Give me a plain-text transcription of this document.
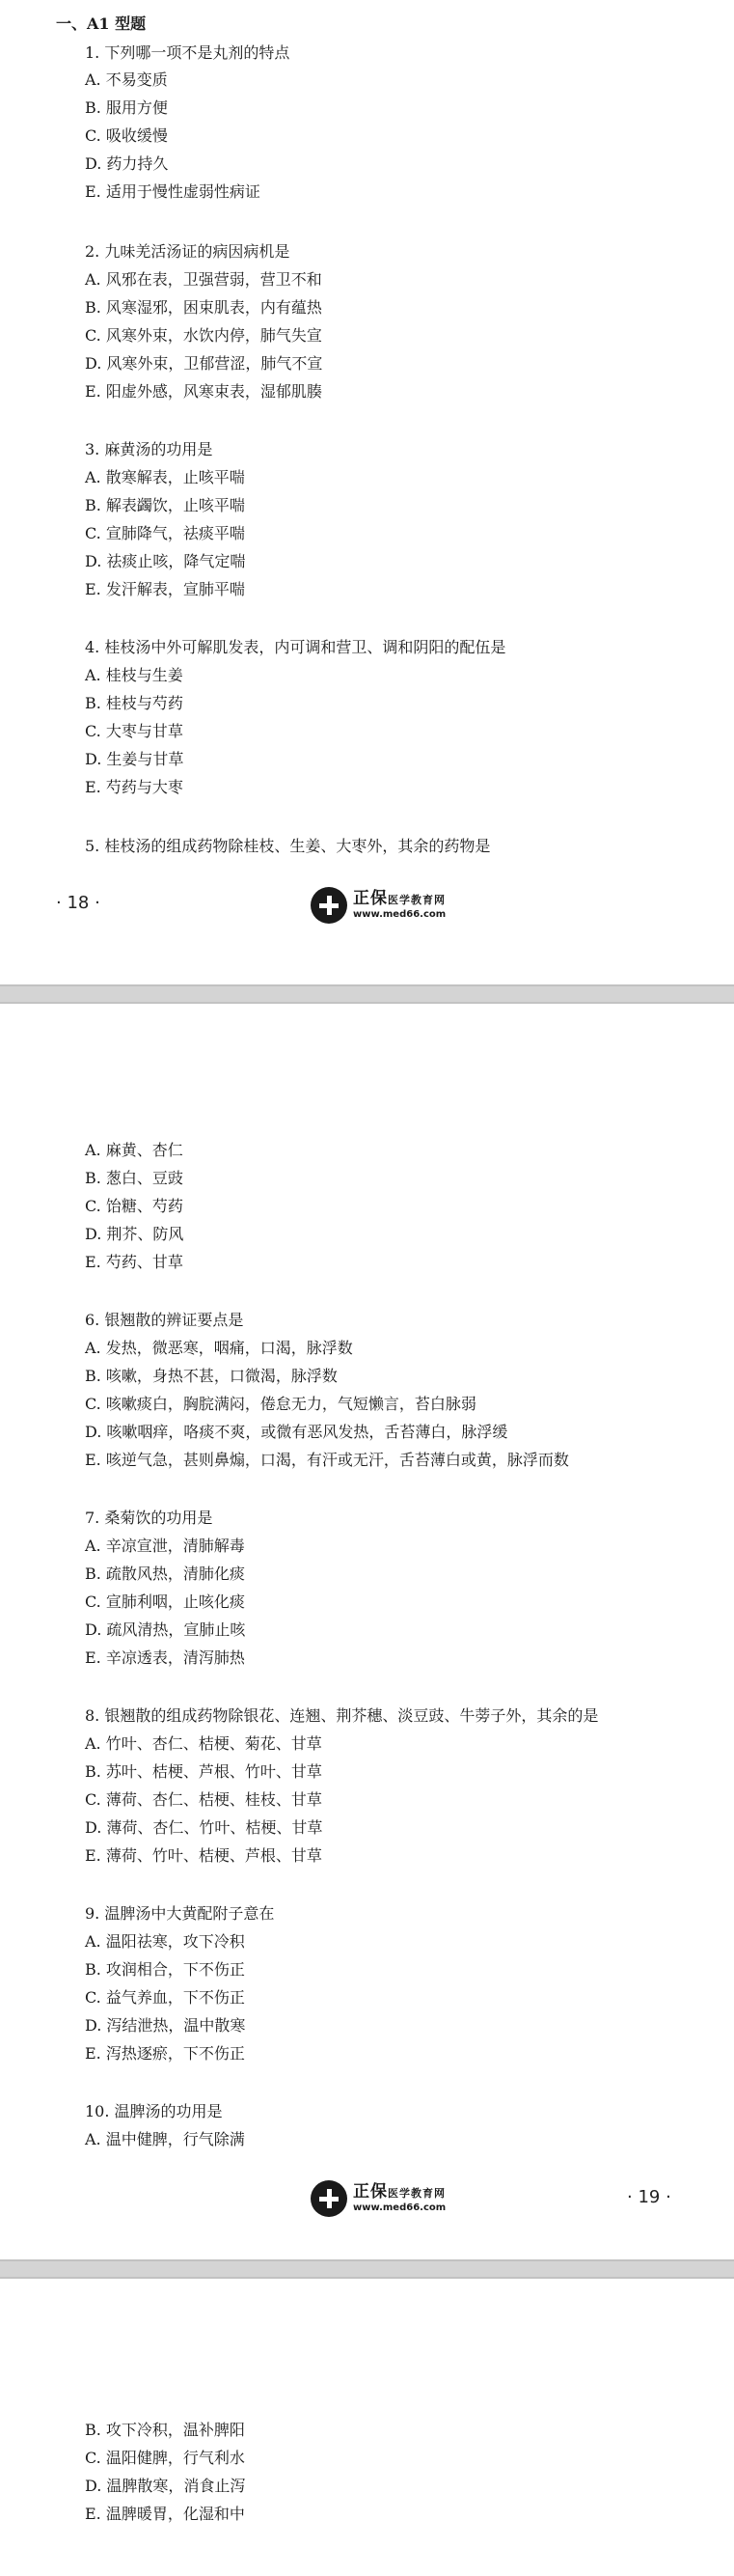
一、A1 型题
1. 下列哪一项不是丸剂的特点
A. 不易变质
B. 服用方便
C. 吸收缓慢
D. 药力持久
E. 适用于慢性虚弱性病证
2. 九味羌活汤证的病因病机是
A. 风邪在表，卫强营弱，营卫不和
B. 风寒湿邪，困束肌表，内有蕴热
C. 风寒外束，水饮内停，肺气失宣
D. 风寒外束，卫郁营涩，肺气不宣
E. 阳虚外感，风寒束表，湿郁肌腠
3. 麻黄汤的功用是
A. 散寒解表，止咳平喘
B. 解表蠲饮，止咳平喘
C. 宣肺降气，祛痰平喘
D. 祛痰止咳，降气定喘
E. 发汗解表，宣肺平喘
4. 桂枝汤中外可解肌发表，内可调和营卫、调和阴阳的配伍是
A. 桂枝与生姜
B. 桂枝与芍药
C. 大枣与甘草
D. 生姜与甘草
E. 芍药与大枣
5. 桂枝汤的组成药物除桂枝、生姜、大枣外，其余的药物是
· 18 ·	正保医学教育网
www.med66.com
A. 麻黄、杏仁
B. 葱白、豆豉
C. 饴糖、芍药
D. 荆芥、防风
E. 芍药、甘草
6. 银翘散的辨证要点是
A. 发热，微恶寒，咽痛，口渴，脉浮数
B. 咳嗽，身热不甚，口微渴，脉浮数
C. 咳嗽痰白，胸脘满闷，倦怠无力，气短懒言，苔白脉弱
D. 咳嗽咽痒，咯痰不爽，或微有恶风发热，舌苔薄白，脉浮缓
E. 咳逆气急，甚则鼻煽，口渴，有汗或无汗，舌苔薄白或黄，脉浮而数
7. 桑菊饮的功用是
A. 辛凉宣泄，清肺解毒
B. 疏散风热，清肺化痰
C. 宣肺利咽，止咳化痰
D. 疏风清热，宣肺止咳
E. 辛凉透表，清泻肺热
8. 银翘散的组成药物除银花、连翘、荆芥穗、淡豆豉、牛蒡子外，其余的是
A. 竹叶、杏仁、桔梗、菊花、甘草
B. 苏叶、桔梗、芦根、竹叶、甘草
C. 薄荷、杏仁、桔梗、桂枝、甘草
D. 薄荷、杏仁、竹叶、桔梗、甘草
E. 薄荷、竹叶、桔梗、芦根、甘草
9. 温脾汤中大黄配附子意在
A. 温阳祛寒，攻下冷积
B. 攻润相合，下不伤正
C. 益气养血，下不伤正
D. 泻结泄热，温中散寒
E. 泻热逐瘀，下不伤正
10. 温脾汤的功用是
A. 温中健脾，行气除满
正保医学教育网
www.med66.com
· 19 ·
B. 攻下冷积，温补脾阳
C. 温阳健脾，行气利水
D. 温脾散寒，消食止泻
E. 温脾暖胃，化湿和中
